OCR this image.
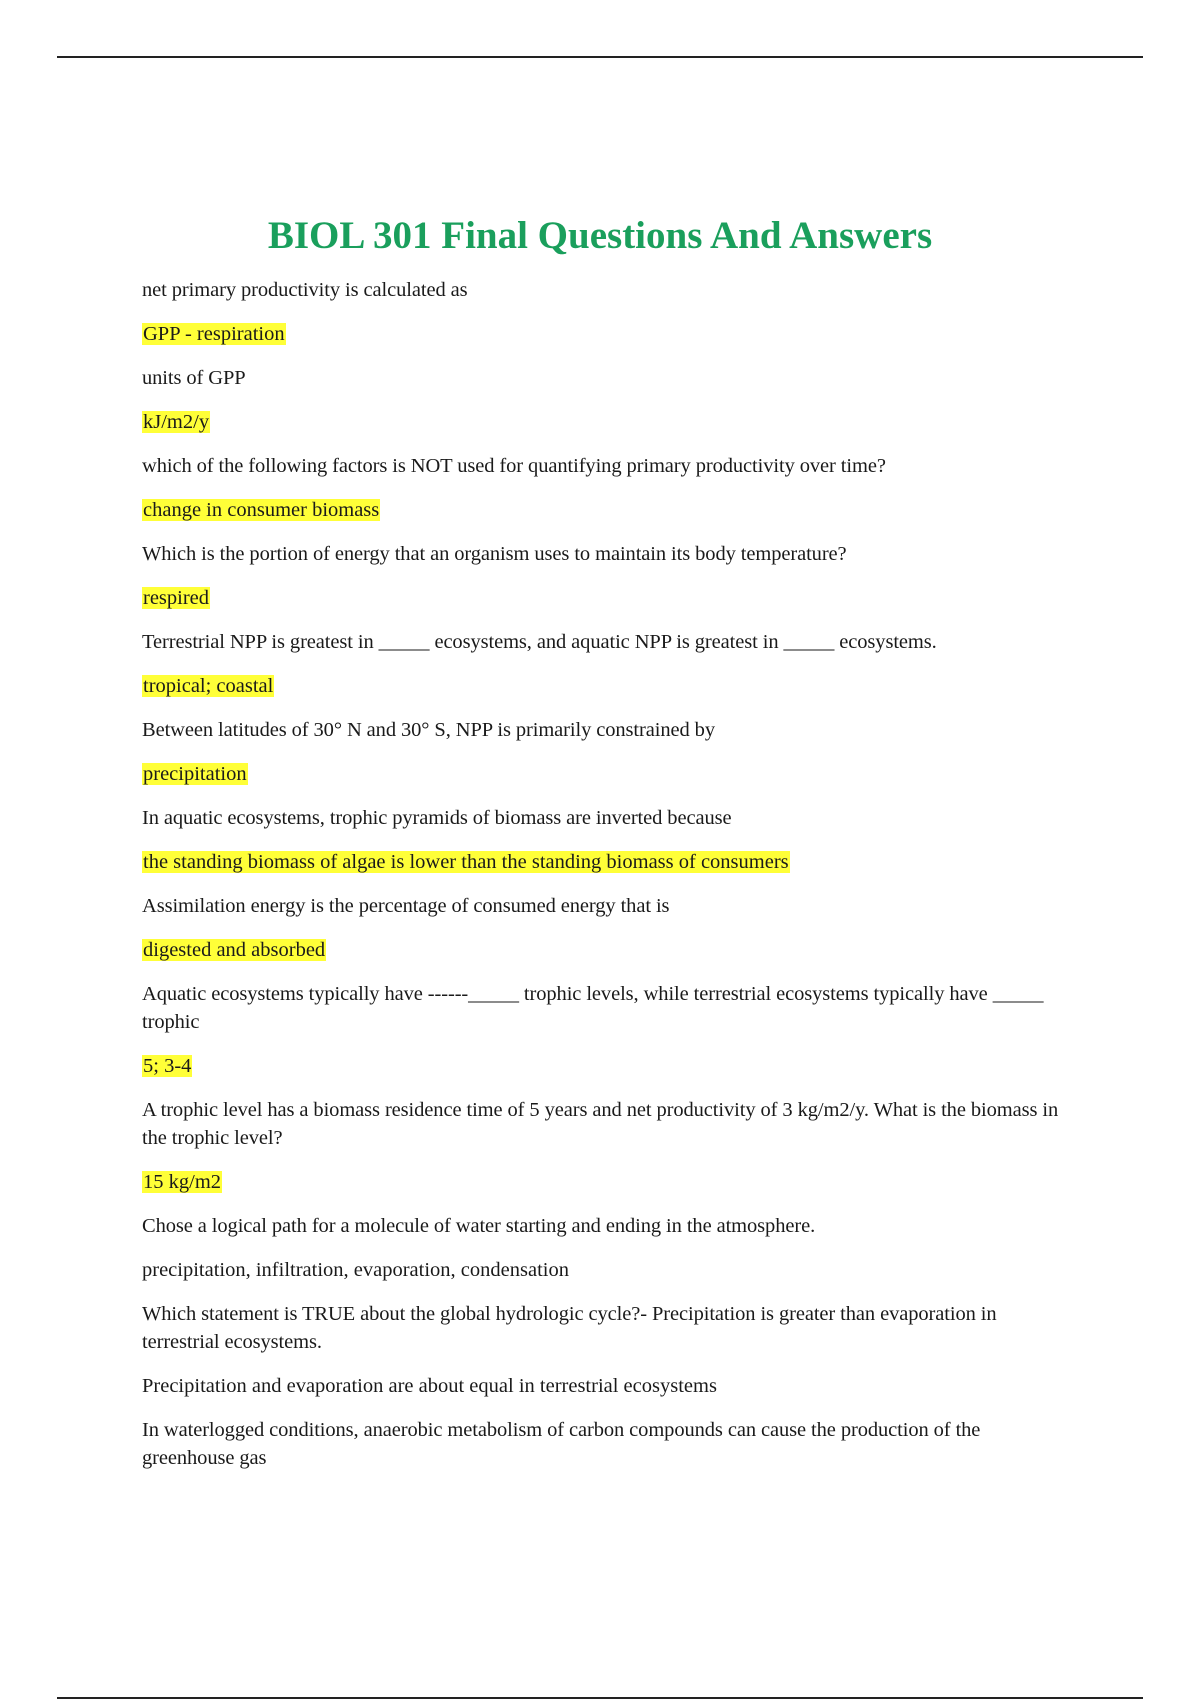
BIOL 301 Final Questions And Answers

net primary productivity is calculated as

GPP - respiration

units of GPP

kJ/m2/y

which of the following factors is NOT used for quantifying primary productivity over time?

change in consumer biomass

Which is the portion of energy that an organism uses to maintain its body temperature?

respired

Terrestrial NPP is greatest in _____ ecosystems, and aquatic NPP is greatest in _____ ecosystems.

tropical; coastal

Between latitudes of 30° N and 30° S, NPP is primarily constrained by

precipitation

In aquatic ecosystems, trophic pyramids of biomass are inverted because

the standing biomass of algae is lower than the standing biomass of consumers

Assimilation energy is the percentage of consumed energy that is

digested and absorbed

Aquatic ecosystems typically have ------_____ trophic levels, while terrestrial ecosystems typically have _____ trophic

5; 3-4

A trophic level has a biomass residence time of 5 years and net productivity of 3 kg/m2/y. What is the biomass in the trophic level?

15 kg/m2

Chose a logical path for a molecule of water starting and ending in the atmosphere.

precipitation, infiltration, evaporation, condensation

Which statement is TRUE about the global hydrologic cycle?- Precipitation is greater than evaporation in terrestrial ecosystems.

Precipitation and evaporation are about equal in terrestrial ecosystems

In waterlogged conditions, anaerobic metabolism of carbon compounds can cause the production of the greenhouse gas
